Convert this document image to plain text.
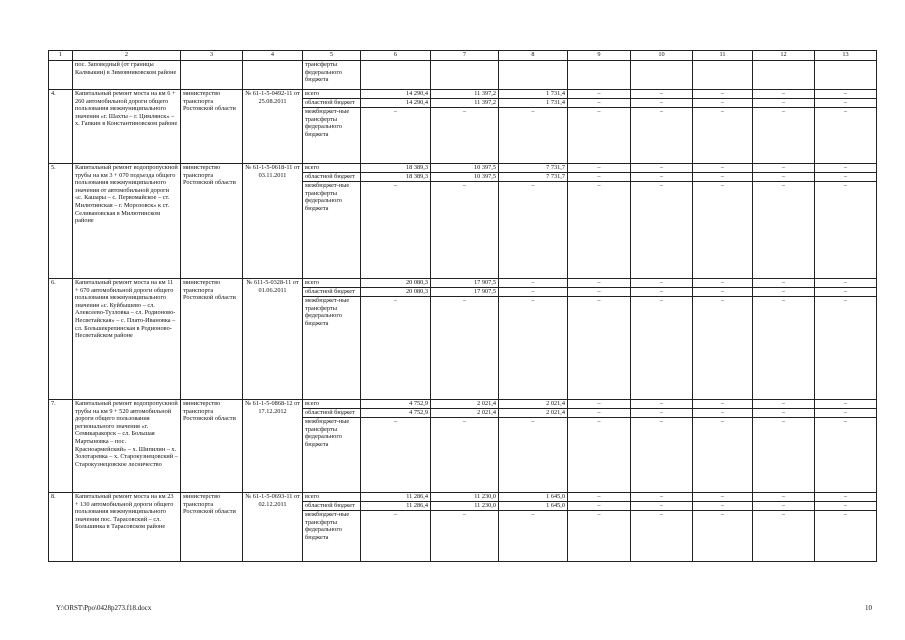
1	2	3	4	5	6	7	8	9	10	11	12	13
	пос. Заповедный (от границы Калмыкии) в Зимовниковском районе			трансферты федерального бюджета								
4.	Капитальный ремонт моста на км 6 + 260 автомобильной дороги общего пользования межмуниципального значения «г. Шахты – г. Цимлянск» – х. Гапкин в Константиновском районе	министерство транспорта Ростовской области	№ 61-1-5-0492-11 от 25.08.2011	всего	14 290,4	11 397,2	1 731,4	–	–	–	–	–
				областной бюджет	14 290,4	11 397,2	1 731,4	–	–	–	–	–
				межбюджет-ные трансферты федерального бюджета	–	–	–	–	–	–	–	–
5.	Капитальный ремонт водопропускной трубы на км 3 + 070 подъезда общего пользования межмуниципального значения от автомобильной дороги «с. Кашары – с. Первомайское – ст. Милютинская – г. Морозовск» к ст. Селивановская в Милютинском районе	министерство транспорта Ростовской области	№ 61-1-5-0618-11 от 03.11.2011	всего	18 389,3	10 397,5	7 731,7	–	–	–	–	–
				областной бюджет	18 389,3	10 397,5	7 731,7	–	–	–	–	–
				межбюджет-ные трансферты федерального бюджета	–	–	–	–	–	–	–	–
6.	Капитальный ремонт моста на км 11 + 670 автомобильной дороги общего пользования межмуниципального значения «с. Куйбышево – сл. Алексеево-Тузловка – сл. Родионово-Несветайская» – с. Плато-Ивановка – сл. Большекрепинская в Родионово-Несветайском районе	министерство транспорта Ростовской области	№ 611-5-0328-11 от 01.06.2011	всего	20 080,3	17 907,5	–	–	–	–	–	–
				областной бюджет	20 080,3	17 907,5	–	–	–	–	–	–
				межбюджет-ные трансферты федерального бюджета	–	–	–	–	–	–	–	–
7.	Капитальный ремонт водопропускной трубы на км 9 + 520 автомобильной дороги общего пользования регионального значения «г. Семикаракорск – сл. Большая Мартыновка – пос. Красноармейский» – х. Шипилин – х. Золотаревка – х. Старокузнецовский – Старокузнецовское лесничество	министерство транспорта Ростовской области	№ 61-1-5-0868-12 от 17.12.2012	всего	4 752,9	2 021,4	2 021,4	–	–	–	–	–
				областной бюджет	4 752,9	2 021,4	2 021,4	–	–	–	–	–
				межбюджет-ные трансферты федерального бюджета	–	–	–	–	–	–	–	–
8.	Капитальный ремонт моста на км 23 + 130 автомобильной дороги общего пользования межмуниципального значения пос. Тарасовский – сл. Большинка в Тарасовском районе	министерство транспорта Ростовской области	№ 61-1-5-0693-11 от 02.12.2011	всего	11 286,4	11 230,0	1 645,0	–	–	–	–	–
				областной бюджет	11 286,4	11 230,0	1 645,0	–	–	–	–	–
				межбюджет-ные трансферты федерального бюджета	–	–	–	–	–	–	–	–
Y:\ORST\Ppo\0428p273.f18.docx	10
